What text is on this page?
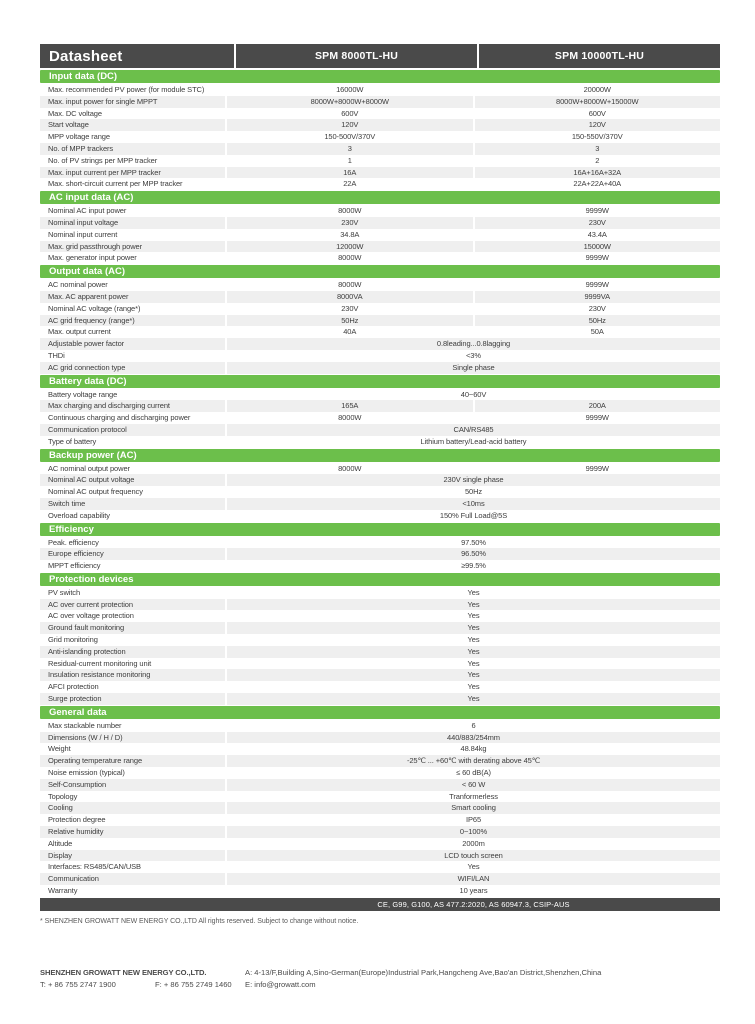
Datasheet	SPM 8000TL-HU	SPM 10000TL-HU
Input data (DC)
Max. recommended PV power (for module STC)	16000W	20000W
Max. input power for single MPPT	8000W+8000W+8000W	8000W+8000W+15000W
Max. DC voltage	600V	600V
Start voltage	120V	120V
MPP voltage range	150-500V/370V	150-550V/370V
No. of MPP trackers	3	3
No. of PV strings per MPP tracker	1	2
Max. input current per MPP tracker	16A	16A+16A+32A
Max. short-circuit current per MPP tracker	22A	22A+22A+40A
AC input data (AC)
Nominal AC input power	8000W	9999W
Nominal input voltage	230V	230V
Nominal input current	34.8A	43.4A
Max. grid passthrough power	12000W	15000W
Max. generator input power	8000W	9999W
Output data (AC)
AC nominal power	8000W	9999W
Max. AC apparent power	8000VA	9999VA
Nominal AC voltage (range*)	230V	230V
AC grid frequency (range*)	50Hz	50Hz
Max. output current	40A	50A
Adjustable power factor	0.8leading...0.8lagging
THDi	<3%
AC grid connection type	Single phase
Battery data (DC)
Battery voltage range	40~60V
Max charging and discharging current	165A	200A
Continuous charging and discharging power	8000W	9999W
Communication protocol	CAN/RS485
Type of battery	Lithium battery/Lead-acid battery
Backup power (AC)
AC nominal output power	8000W	9999W
Nominal AC output voltage	230V single phase
Nominal AC output frequency	50Hz
Switch time	<10ms
Overload capability	150% Full Load@5S
Efficiency
Peak. efficiency	97.50%
Europe efficiency	96.50%
MPPT efficiency	≥99.5%
Protection devices
PV switch	Yes
AC over current protection	Yes
AC over voltage protection	Yes
Ground fault monitoring	Yes
Grid monitoring	Yes
Anti-islanding protection	Yes
Residual-current monitoring unit	Yes
Insulation resistance monitoring	Yes
AFCI protection	Yes
Surge protection	Yes
General data
Max stackable number	6
Dimensions (W / H / D)	440/883/254mm
Weight	48.84kg
Operating temperature range	-25℃ ... +60℃ with derating above 45℃
Noise emission (typical)	≤ 60 dB(A)
Self-Consumption	< 60 W
Topology	Tranformerless
Cooling	Smart cooling
Protection degree	IP65
Relative humidity	0~100%
Altitude	2000m
Display	LCD touch screen
Interfaces: RS485/CAN/USB	Yes
Communication	WIFI/LAN
Warranty	10 years
CE, G99, G100, AS 477.2:2020, AS 60947.3, CSIP-AUS
* SHENZHEN GROWATT NEW ENERGY CO.,LTD All rights reserved. Subject to change without notice.
SHENZHEN GROWATT NEW ENERGY CO.,LTD.	A: 4-13/F,Building A,Sino-German(Europe)Industrial Park,Hangcheng Ave,Bao'an District,Shenzhen,China
T: + 86 755 2747 1900	F: + 86 755 2749 1460	E: info@growatt.com
